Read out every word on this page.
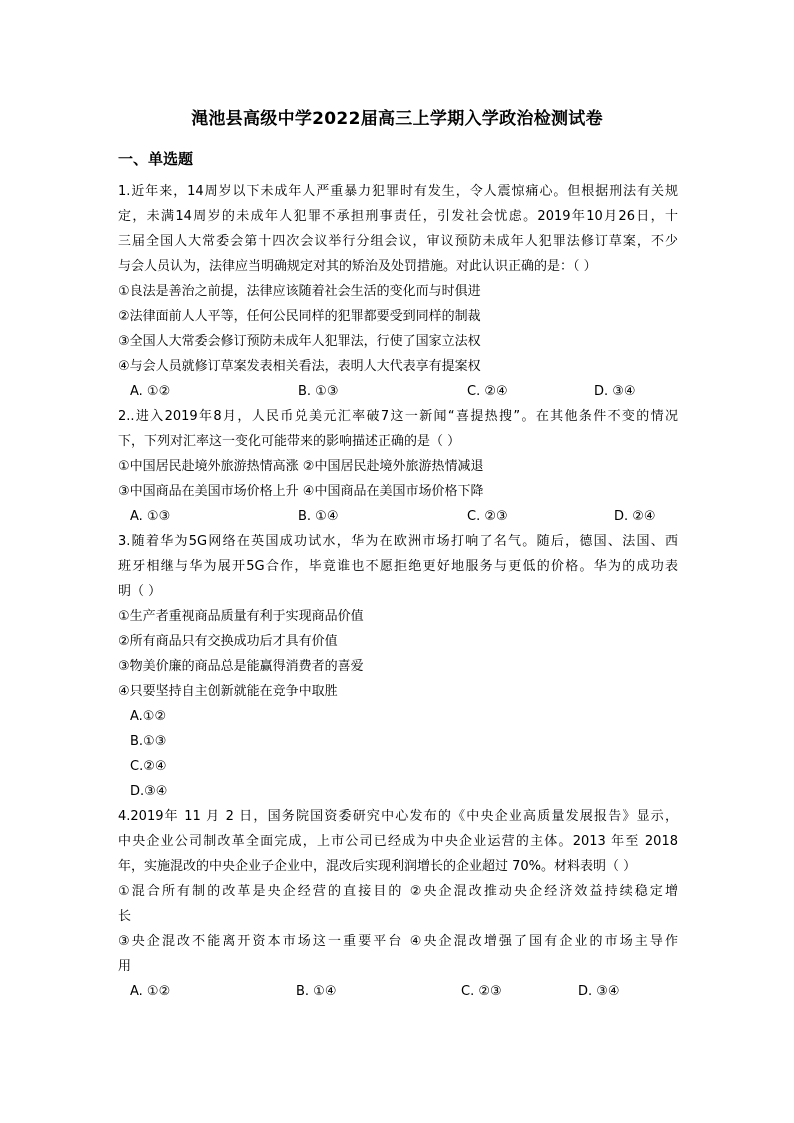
渑池县高级中学2022届高三上学期入学政治检测试卷
一、单选题
1.近年来，14周岁以下未成年人严重暴力犯罪时有发生，令人震惊痛心。但根据刑法有关规
定，未满14周岁的未成年人犯罪不承担刑事责任，引发社会忧虑。2019年10月26日，十
三届全国人大常委会第十四次会议举行分组会议，审议预防未成年人犯罪法修订草案，不少
与会人员认为，法律应当明确规定对其的矫治及处罚措施。对此认识正确的是：（ ）
①良法是善治之前提，法律应该随着社会生活的变化而与时俱进
②法律面前人人平等，任何公民同样的犯罪都要受到同样的制裁
③全国人大常委会修订预防未成年人犯罪法，行使了国家立法权
④与会人员就修订草案发表相关看法，表明人大代表享有提案权
A. ①②	B. ①③	C. ②④	D. ③④
2..进入2019年8月，人民币兑美元汇率破7这一新闻“喜提热搜”。在其他条件不变的情况
下，下列对汇率这一变化可能带来的影响描述正确的是（ ）
①中国居民赴境外旅游热情高涨 ②中国居民赴境外旅游热情减退
③中国商品在美国市场价格上升 ④中国商品在美国市场价格下降
A. ①③	B. ①④	C. ②③	D. ②④
3.随着华为5G网络在英国成功试水，华为在欧洲市场打响了名气。随后，德国、法国、西
班牙相继与华为展开5G合作，毕竟谁也不愿拒绝更好地服务与更低的价格。华为的成功表
明（ ）
①生产者重视商品质量有利于实现商品价值
②所有商品只有交换成功后才具有价值
③物美价廉的商品总是能赢得消费者的喜爱
④只要坚持自主创新就能在竞争中取胜
A.①②
B.①③
C.②④
D.③④
4.2019年 11 月 2 日，国务院国资委研究中心发布的《中央企业高质量发展报告》显示，
中央企业公司制改革全面完成，上市公司已经成为中央企业运营的主体。2013 年至 2018
年，实施混改的中央企业子企业中，混改后实现利润增长的企业超过 70%。材料表明（ ）
①混合所有制的改革是央企经营的直接目的 ②央企混改推动央企经济效益持续稳定增
长
③央企混改不能离开资本市场这一重要平台 ④央企混改增强了国有企业的市场主导作
用
A. ①②	B. ①④	C. ②③	D. ③④
